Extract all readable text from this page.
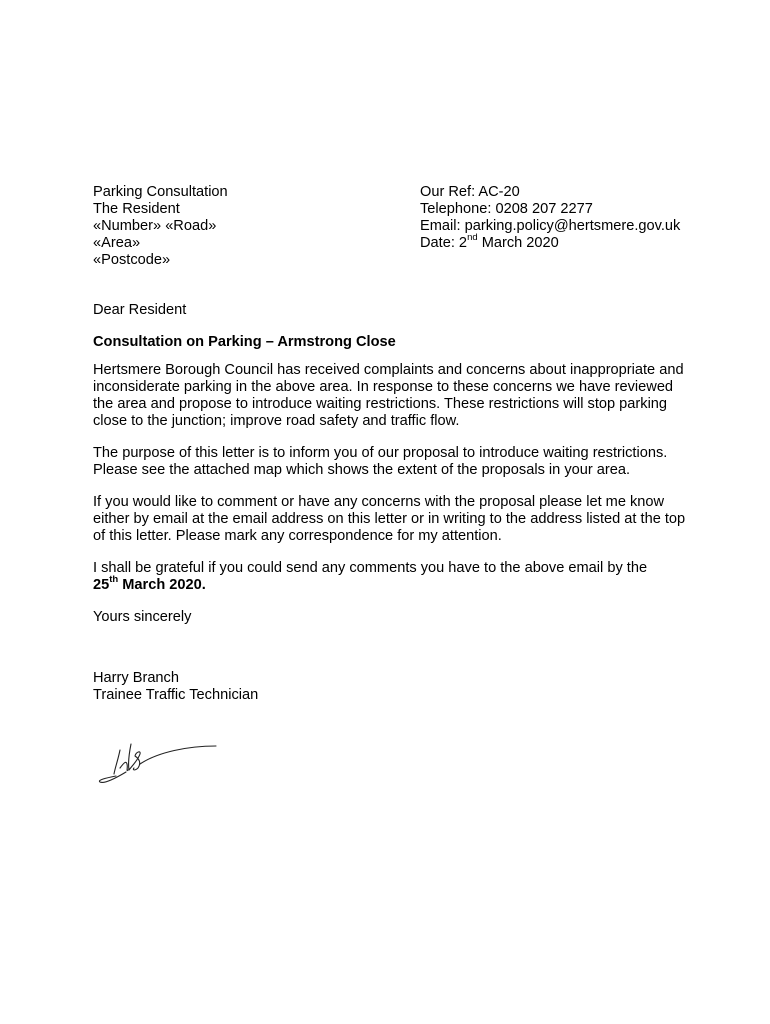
Parking Consultation
The Resident
«Number» «Road»
«Area»
«Postcode»
Our Ref: AC-20
Telephone: 0208 207 2277
Email: parking.policy@hertsmere.gov.uk
Date: 2nd March 2020

Dear Resident

Consultation on Parking – Armstrong Close

Hertsmere Borough Council has received complaints and concerns about inappropriate and
inconsiderate parking in the above area. In response to these concerns we have reviewed
the area and propose to introduce waiting restrictions. These restrictions will stop parking
close to the junction; improve road safety and traffic flow.
The purpose of this letter is to inform you of our proposal to introduce waiting restrictions.
Please see the attached map which shows the extent of the proposals in your area.
If you would like to comment or have any concerns with the proposal please let me know
either by email at the email address on this letter or in writing to the address listed at the top
of this letter. Please mark any correspondence for my attention.
I shall be grateful if you could send any comments you have to the above email by the
25th March 2020.

Yours sincerely

Harry Branch
Trainee Traffic Technician
